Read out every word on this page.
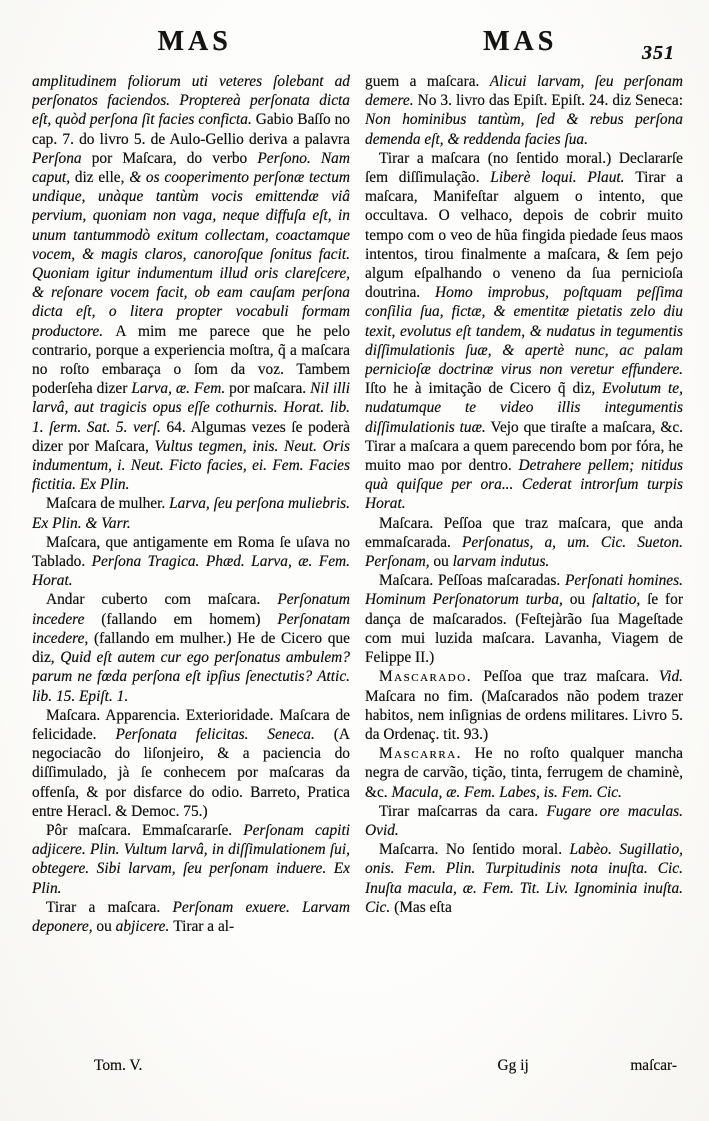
MAS	MAS	351

amplitudinem foliorum uti veteres ſolebant ad perſonatos faciendos. Proptereà perſonata dicta eſt, quòd perſona ſit facies conficta. Gabio Baſſo no cap. 7. do livro 5. de Aulo-Gellio deriva a palavra Perſona por Maſcara, do verbo Perſono. Nam caput, diz elle, & os cooperimento perſonæ tectum undique, unàque tantùm vocis emittendæ viâ pervium, quoniam non vaga, neque diffuſa eſt, in unum tantummodò exitum collectam, coactamque vocem, & magis claros, canoroſque ſonitus facit. Quoniam igitur indumentum illud oris clareſcere, & reſonare vocem facit, ob eam cauſam perſona dicta eſt, o litera propter vocabuli formam productore. A mim me parece que he pelo contrario, porque a experiencia moſtra, q̃ a maſcara no roſto embaraça o ſom da voz. Tambem poderſeha dizer Larva, æ. Fem. por maſcara. Nil illi larvâ, aut tragicis opus eſſe cothurnis. Horat. lib. 1. ſerm. Sat. 5. verſ. 64. Algumas vezes ſe poderà dizer por Maſcara, Vultus tegmen, inis. Neut. Oris indumentum, i. Neut. Ficto facies, ei. Fem. Facies fictitia. Ex Plin.

Maſcara de mulher. Larva, ſeu perſona muliebris. Ex Plin. & Varr.

Maſcara, que antigamente em Roma ſe uſava no Tablado. Perſona Tragica. Phæd. Larva, æ. Fem. Horat.

Andar cuberto com maſcara. Perſonatum incedere (fallando em homem) Perſonatam incedere, (fallando em mulher.) He de Cicero que diz, Quid eſt autem cur ego perſonatus ambulem? parum ne fœda perſona eſt ipſius ſenectutis? Attic. lib. 15. Epiſt. 1.

Maſcara. Apparencia. Exterioridade. Maſcara de felicidade. Perſonata felicitas. Seneca. (A negociacão do liſonjeiro, & a paciencia do diſſimulado, jà ſe conhecem por maſcaras da offenſa, & por disfarce do odio. Barreto, Pratica entre Heracl. & Democ. 75.)

Pôr maſcara. Emmaſcararſe. Perſonam capiti adjicere. Plin. Vultum larvâ, in diſſimulationem ſui, obtegere. Sibi larvam, ſeu perſonam induere. Ex Plin.

Tirar a maſcara. Perſonam exuere. Larvam deponere, ou abjicere. Tirar a al-

guem a maſcara. Alicui larvam, ſeu perſonam demere. No 3. livro das Epiſt. Epiſt. 24. diz Seneca: Non hominibus tantùm, ſed & rebus perſona demenda eſt, & reddenda facies ſua.

Tirar a maſcara (no ſentido moral.) Declararſe ſem diſſimulação. Liberè loqui. Plaut. Tirar a maſcara, Manifeſtar alguem o intento, que occultava. O velhaco, depois de cobrir muito tempo com o veo de hũa fingida piedade ſeus maos intentos, tirou finalmente a maſcara, & ſem pejo algum eſpalhando o veneno da ſua pernicioſa doutrina. Homo improbus, poſtquam peſſima conſilia ſua, fictæ, & ementitæ pietatis zelo diu texit, evolutus eſt tandem, & nudatus in tegumentis diſſimulationis ſuæ, & apertè nunc, ac palam pernicioſæ doctrinæ virus non veretur effundere. Iſto he à imitação de Cicero q̃ diz, Evolutum te, nudatumque te video illis integumentis diſſimulationis tuæ. Vejo que tiraſte a maſcara, &c. Tirar a maſcara a quem parecendo bom por fóra, he muito mao por dentro. Detrahere pellem; nitidus quà quiſque per ora... Cederat introrſum turpis Horat.

Maſcara. Peſſoa que traz maſcara, que anda emmaſcarada. Perſonatus, a, um. Cic. Sueton. Perſonam, ou larvam indutus.

Maſcara. Peſſoas maſcaradas. Perſonati homines. Hominum Perſonatorum turba, ou ſaltatio, ſe for dança de maſcarados. (Feſtejàrão ſua Mageſtade com mui luzida maſcara. Lavanha, Viagem de Felippe II.)

Mascarado. Peſſoa que traz maſcara. Vid. Maſcara no fim. (Maſcarados não podem trazer habitos, nem inſignias de ordens militares. Livro 5. da Ordenaç. tit. 93.)

Mascarra. He no roſto qualquer mancha negra de carvão, tição, tinta, ferrugem de chaminè, &c. Macula, æ. Fem. Labes, is. Fem. Cic.

Tirar maſcarras da cara. Fugare ore maculas. Ovid.

Maſcarra. No ſentido moral. Labèo. Sugillatio, onis. Fem. Plin. Turpitudinis nota inuſta. Cic. Inuſta macula, æ. Fem. Tit. Liv. Ignominia inuſta. Cic. (Mas eſta

Tom. V.	Gg ij	maſcar-
